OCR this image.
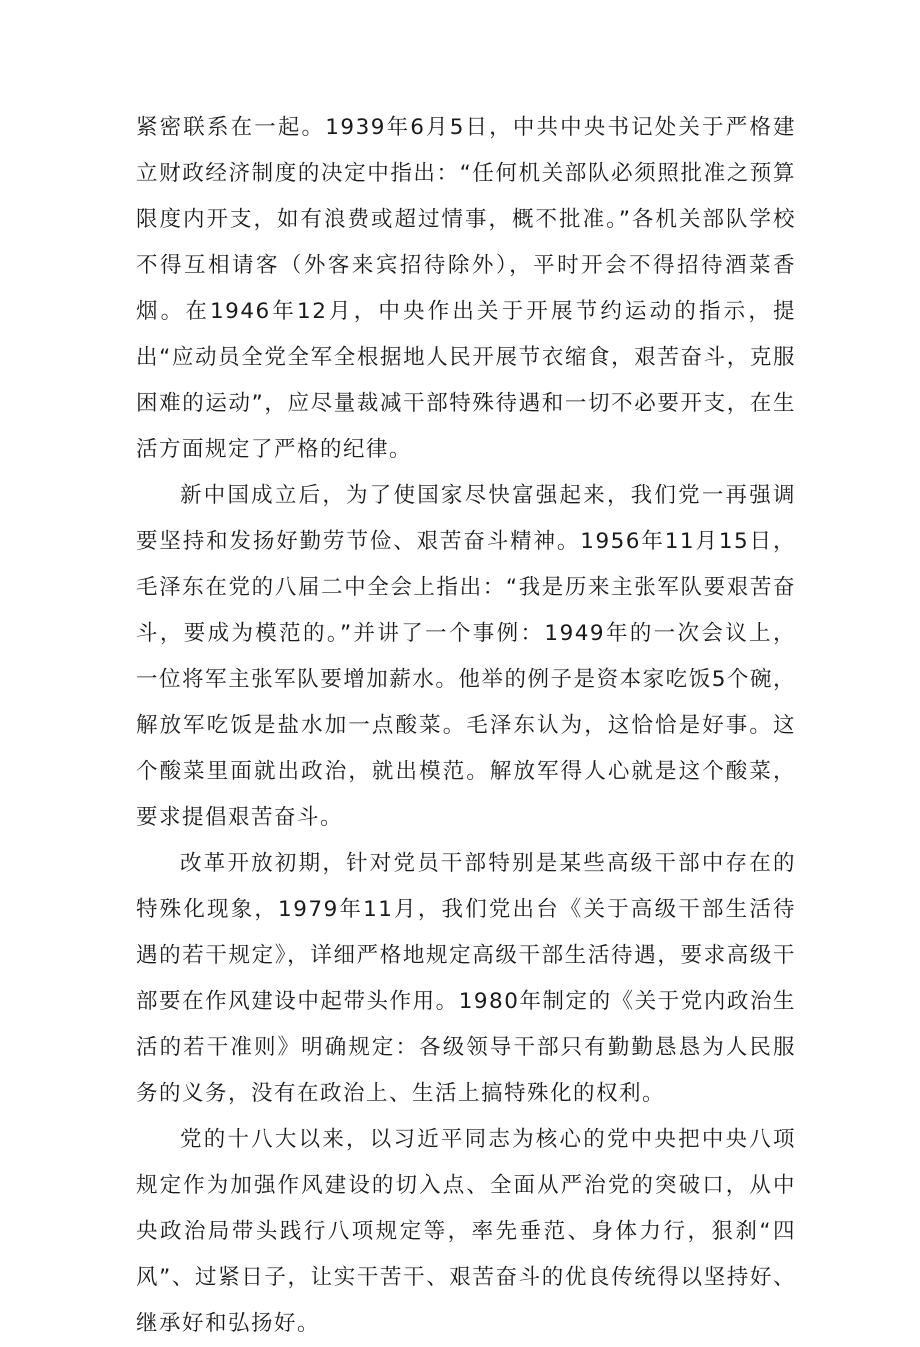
紧密联系在一起。1939年6月5日，中共中央书记处关于严格建立财政经济制度的决定中指出：“任何机关部队必须照批准之预算限度内开支，如有浪费或超过情事，概不批准。”各机关部队学校不得互相请客（外客来宾招待除外），平时开会不得招待酒菜香烟。在1946年12月，中央作出关于开展节约运动的指示，提出“应动员全党全军全根据地人民开展节衣缩食，艰苦奋斗，克服困难的运动”，应尽量裁减干部特殊待遇和一切不必要开支，在生活方面规定了严格的纪律。

新中国成立后，为了使国家尽快富强起来，我们党一再强调要坚持和发扬好勤劳节俭、艰苦奋斗精神。1956年11月15日，毛泽东在党的八届二中全会上指出：“我是历来主张军队要艰苦奋斗，要成为模范的。”并讲了一个事例：1949年的一次会议上，一位将军主张军队要增加薪水。他举的例子是资本家吃饭5个碗，解放军吃饭是盐水加一点酸菜。毛泽东认为，这恰恰是好事。这个酸菜里面就出政治，就出模范。解放军得人心就是这个酸菜，要求提倡艰苦奋斗。

改革开放初期，针对党员干部特别是某些高级干部中存在的特殊化现象，1979年11月，我们党出台《关于高级干部生活待遇的若干规定》，详细严格地规定高级干部生活待遇，要求高级干部要在作风建设中起带头作用。1980年制定的《关于党内政治生活的若干准则》明确规定：各级领导干部只有勤勤恳恳为人民服务的义务，没有在政治上、生活上搞特殊化的权利。

党的十八大以来，以习近平同志为核心的党中央把中央八项规定作为加强作风建设的切入点、全面从严治党的突破口，从中央政治局带头践行八项规定等，率先垂范、身体力行，狠刹“四风”、过紧日子，让实干苦干、艰苦奋斗的优良传统得以坚持好、继承好和弘扬好。
